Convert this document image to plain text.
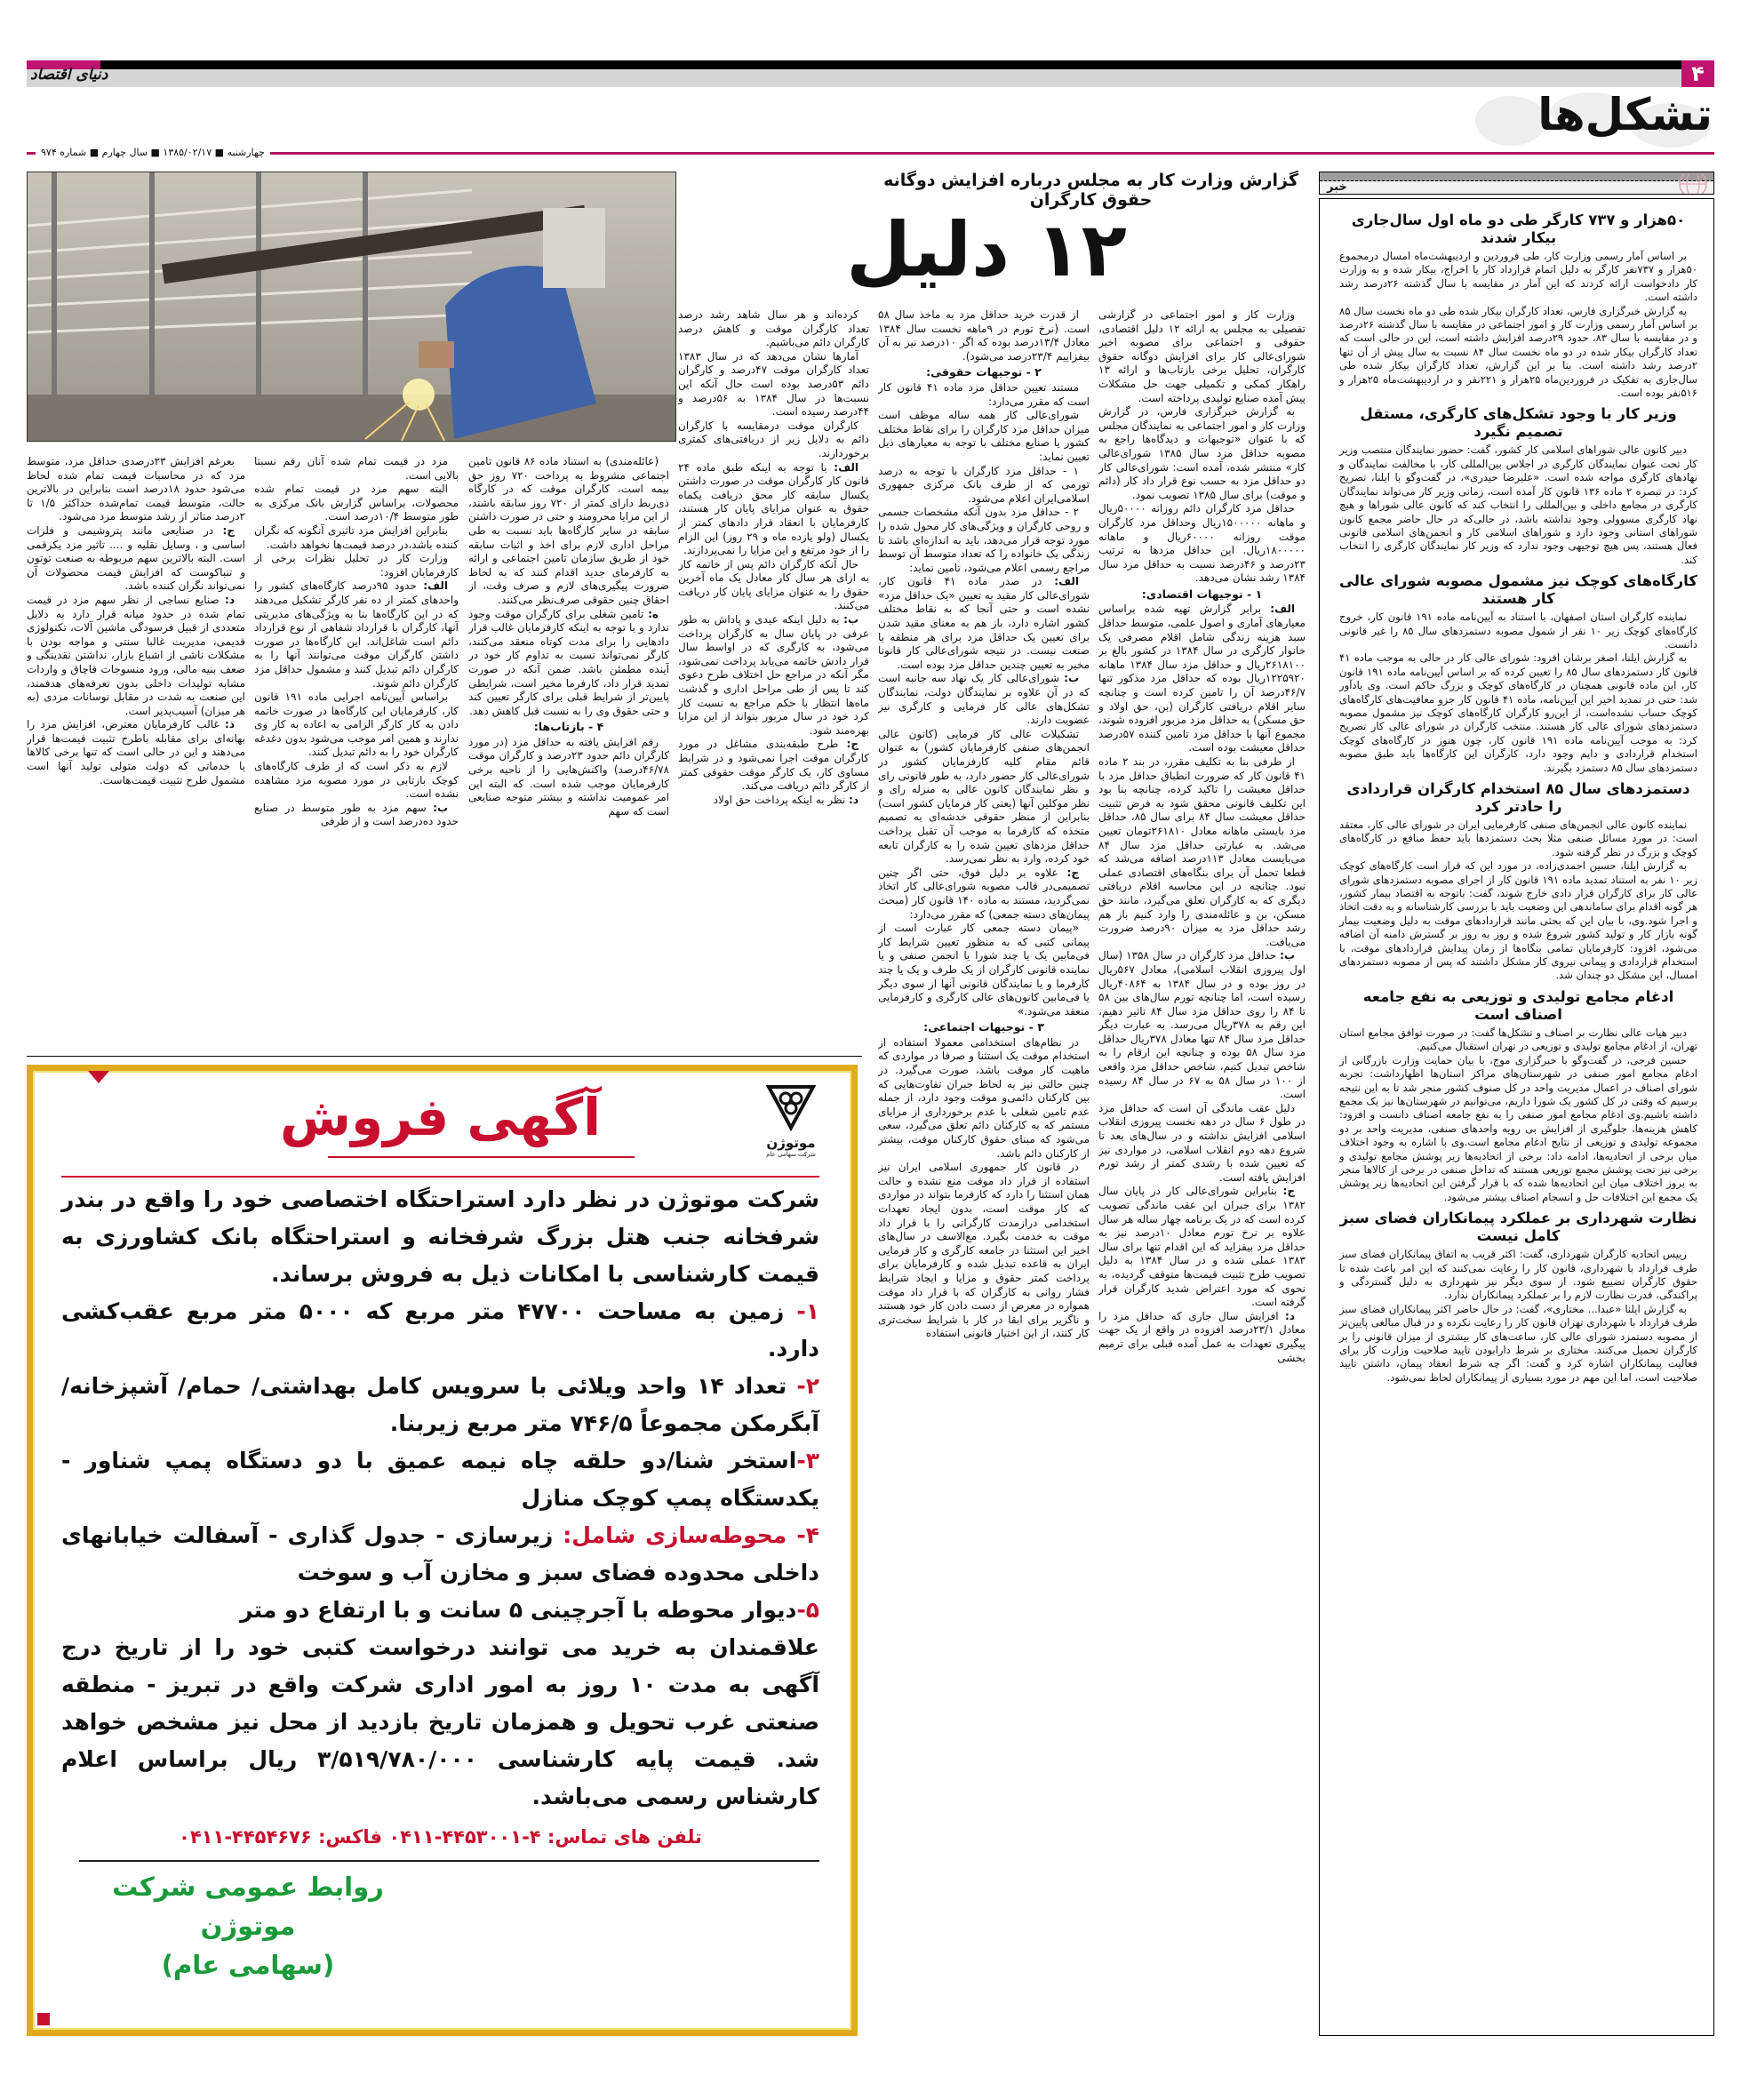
دنیای اقتصاد	۴
تشکل‌ها
چهارشنبه ■ ۱۳۸۵/۰۲/۱۷ ■ سال چهارم ■ شماره ۹۷۴
گزارش وزارت کار به مجلس درباره افزایش دوگانه حقوق کارگران
۱۲ دلیل

وزارت کار و امور اجتماعی در گزارشی تفصیلی به مجلس به ارائه ۱۲ دلیل اقتصادی، حقوقی و اجتماعی برای مصوبه اخیر شورای‌عالی کار برای افزایش دوگانه حقوق کارگران، تحلیل برخی بازتاب‌ها و ارائه ۱۳ راهکار کمکی و تکمیلی جهت حل مشکلات پیش آمده صنایع تولیدی پرداخته است.

به گزارش خبرگزاری فارس، در گزارش وزارت کار و امور اجتماعی به نمایندگان مجلس که با عنوان «توجیهات و دیدگاه‌ها راجع به مصوبه حداقل مزد سال ۱۳۸۵ شورای‌عالی کار» منتشر شده، آمده است: شورای‌عالی کار دو حداقل مزد به حسب نوع قرار داد کار (دائم و موقت) برای سال ۱۳۸۵ تصویب نمود.

حداقل مزد کارگران دائم روزانه ۵۰۰۰۰ریال و ماهانه ۱۵۰۰۰۰۰ریال وحداقل مزد کارگران موقت روزانه ۶۰۰۰۰ریال و ماهانه ۱۸۰۰۰۰۰ریال. این حداقل مزدها به ترتیب ۲۳درصد و ۴۶درصد نسبت به حداقل مزد سال ۱۳۸۴ رشد نشان می‌دهد.

۱ - توجیهات اقتصادی:

الف: برابر گزارش تهیه شده براساس معیارهای آماری و اصول علمی، متوسط حداقل سبد هزینه زندگی شامل اقلام مصرفی یک خانوار کارگری در سال ۱۳۸۴ در کشور بالغ بر ۲۶۱۸۱۰۰ریال و حداقل مزد سال ۱۳۸۴ ماهانه ۱۲۲۵۹۲۰ریال بوده که حداقل مزد مذکور تنها ۴۶/۷درصد آن را تامین کرده است و چنانچه سایر اقلام دریافتی کارگران (بن، حق اولاد و حق مسکن) به حداقل مزد مزبور افزوده شوند، مجموع آنها با حداقل مزد تامین کننده ۵۷درصد حداقل معیشت بوده است.

از طرفی بنا به تکلیف مقرر، در بند ۲ ماده ۴۱ قانون کار که ضرورت انطباق حداقل مزد با حداقل معیشت را تاکید کرده، چنانچه بنا بود این تکلیف قانونی محقق شود به فرض تثبیت حداقل معیشت سال ۸۴ برای سال ۸۵، حداقل مزد بایستی ماهانه معادل ۲۶۱۸۱۰تومان تعیین می‌شد. به عبارتی حداقل مزد سال ۸۴ می‌بایست معادل ۱۱۳درصد اضافه می‌شد که قطعا تحمل آن برای بنگاه‌های اقتصادی عملی نبود. چنانچه در این محاسبه اقلام دریافتی دیگری که به کارگران تعلق می‌گیرد، مانند حق مسکن، بن و عائله‌مندی را وارد کنیم باز هم رشد حداقل مزد به میزان ۹۰درصد ضرورت می‌یافت.

ب: حداقل مزد کارگران در سال ۱۳۵۸ (سال اول پیروزی انقلاب اسلامی)، معادل ۵۶۷ریال در روز بوده و در سال ۱۳۸۴ به ۴۰۸۶۴ریال رسیده است، اما چنانچه تورم سال‌های بین ۵۸ تا ۸۴ را روی حداقل مزد سال ۸۴ تاثیر دهیم، این رقم به ۳۷۸ریال می‌رسد. به عبارت دیگر حداقل مزد سال ۸۴ تنها معادل ۳۷۸ریال حداقل مزد سال ۵۸ بوده و چنانچه این ارقام را به شاخص تبدیل کنیم، شاخص حداقل مزد واقعی از ۱۰۰ در سال ۵۸ به ۶۷ در سال ۸۴ رسیده است.

دلیل عقب ماندگی آن است که حداقل مزد در طول ۶ سال در دهه نخست پیروزی انقلاب اسلامی افزایش نداشته و در سال‌های بعد تا شروع دهه دوم انقلاب اسلامی، در مواردی نیز که تعیین شده با رشدی کمتر از رشد تورم افزایش یافته است.

ج: بنابراین شورای‌عالی کار در پایان سال ۱۳۸۲ برای جبران این عقب ماندگی تصویب کرده است که در یک برنامه چهار ساله هر سال علاوه بر نرخ تورم معادل ۱۰درصد نیز به حداقل مزد بیفزاید که این اقدام تنها برای سال ۱۳۸۳ عملی شده و در سال ۱۳۸۴ به دلیل تصویب طرح تثبیت قیمت‌ها متوقف گردیده، به نحوی که مورد اعتراض شدید کارگران قرار گرفته است.

د: افزایش سال جاری که حداقل مزد را معادل ۲۳/۱درصد افزوده در واقع از یک جهت پیگیری تعهدات به عمل آمده قبلی برای ترمیم بخشی

از قدرت خرید حداقل مزد به ماخذ سال ۵۸ است. (نرخ تورم در ۹ماهه نخست سال ۱۳۸۴ معادل ۱۳/۴درصد بوده که اگر ۱۰درصد نیز به آن بیفزاییم ۲۳/۴درصد می‌شود).

۲ - توجیهات حقوقی:

مستند تعیین حداقل مزد ماده ۴۱ قانون کار است که مقرر می‌دارد:

شورای‌عالی کار همه ساله موظف است میزان حداقل مزد کارگران را برای نقاط مختلف کشور یا صنایع مختلف با توجه به معیارهای ذیل تعیین نماید:

۱ - حداقل مزد کارگران با توجه به درصد تورمی که از طرف بانک مرکزی جمهوری اسلامی‌ایران اعلام می‌شود.

۲ - حداقل مزد بدون آنکه مشخصات جسمی و روحی کارگران و ویژگی‌های کار محول شده را مورد توجه قرار می‌دهد، باید به اندازه‌ای باشد تا زندگی یک خانواده را که تعداد متوسط آن توسط مراجع رسمی اعلام می‌شود، تامین نماید:

الف: در صدر ماده ۴۱ قانون کار، شورای‌عالی کار مقید به تعیین «یک حداقل مزد» نشده است و حتی آنجا که به نقاط مختلف کشور اشاره دارد، باز هم به معنای مقید شدن برای تعیین یک حداقل مزد برای هر منطقه یا صنعت نیست. در نتیجه شورای‌عالی کار قانونا مخیر به تعیین چندین حداقل مزد بوده است.

ب: شورای‌عالی کار یک نهاد سه جانبه است که در آن علاوه بر نمایندگان دولت، نمایندگان تشکل‌های عالی کار فرمایی و کارگری نیز عضویت دارند.

تشکیلات عالی کار فرمایی (کانون عالی انجمن‌های صنفی کارفرمایان کشور) به عنوان قائم مقام کلیه کارفرمایان کشور در شورای‌عالی کار حضور دارد، به طور قانونی رای و نظر نمایندگان کانون عالی به منزله رای و نظر موکلین آنها (یعنی کار فرمایان کشور است) بنابراین از منظر حقوقی خدشه‌ای به تصمیم متخذه که کارفرما به موجب آن تقبل پرداخت حداقل مزدهای تعیین شده را به کارگران تابعه خود کرده، وارد به نظر نمی‌رسد.

ج: علاوه بر دلیل فوق، حتی اگر چنین تصمیمی‌در قالب مصوبه شورای‌عالی کار اتخاذ نمی‌گردید، مستند به ماده ۱۴۰ قانون کار (مبحث پیمان‌های دسته جمعی) که مقرر می‌دارد:

«پیمان دسته جمعی کار عبارت است از پیمانی کتبی که به منظور تعیین شرایط کار فی‌مابین یک یا چند شورا یا انجمن صنفی و یا نماینده قانونی کارگران از یک طرف و یک یا چند کارفرما و یا نمایندگان قانونی آنها از سوی دیگر یا فی‌مابین کانون‌های عالی کارگری و کارفرمایی منعقد می‌شود.»

۳ - توجیهات اجتماعی:

در نظام‌های استخدامی معمولا استفاده از استخدام موقت یک استثنا و صرفا در مواردی که ماهیت کار موقت باشد، صورت می‌گیرد. در چنین حالتی نیز به لحاظ جبران تفاوت‌هایی که بین کارکنان دائمی‌و موقت وجود دارد، از جمله عدم تامین شغلی با عدم برخورداری از مزایای مستمر که به کارکنان دائم تعلق می‌گیرد، سعی می‌شود که مبنای حقوق کارکنان موقت، بیشتر از کارکنان دائم باشد.

در قانون کار جمهوری اسلامی ایران نیز استفاده از قرار داد موقت منع نشده و حالت همان استثنا را دارد که کارفرما بتواند در مواردی که کار موقت است، بدون ایجاد تعهدات استخدامی درازمدت کارگرانی را با قرار داد موقت به خدمت بگیرد. مع‌الاسف در سال‌های اخیر این استثنا در جامعه کارگری و کار فرمایی ایران به قاعده تبدیل شده و کارفرمایان برای پرداخت کمتر حقوق و مزایا و ایجاد شرایط فشار روانی به کارگران که با قرار داد موقت همواره در معرض از دست دادن کار خود هستند و ناگزیر برای ابقا در کار با شرایط سخت‌تری کار کنند، از این اختیار قانونی استفاده

کرده‌اند و هر سال شاهد رشد درصد تعداد کارگران موقت و کاهش درصد کارگران دائم می‌باشیم.

آمارها نشان می‌دهد که در سال ۱۳۸۳ تعداد کارگران موقت ۴۷درصد و کارگران دائم ۵۳درصد بوده است حال آنکه این نسبت‌ها در سال ۱۳۸۴ به ۵۶درصد و ۴۴درصد رسیده است.

کارگران موقت درمقایسه با کارگران دائم به دلایل زیر از دریافتی‌های کمتری برخوردارند.

الف: با توجه به اینکه طبق ماده ۲۴ قانون کار کارگران موقت در صورت داشتن یکسال سابقه کار محق دریافت یکماه حقوق به عنوان مزایای پایان کار هستند، کارفرمایان با انعقاد قرار دادهای کمتر از یکسال (ولو یازده ماه و ۲۹ روز) این الزام را از خود مرتفع و این مزایا را نمی‌پردازند.

حال آنکه کارگران دائم پس از خاتمه کار به ازای هر سال کار معادل یک ماه آخرین حقوق را به عنوان مزایای پایان کار دریافت می‌کنند.

ب: به دلیل اینکه عیدی و پاداش به طور عرفی در پایان سال به کارگران پرداخت می‌شود، به کارگری که در اواسط سال قرار دادش خاتمه می‌یابد پرداخت نمی‌شود، مگر آنکه در مراجع حل اختلاف طرح دعوی کند تا پس از طی مراحل اداری و گذشت ماه‌ها انتظار با حکم مراجع به نسبت کار کرد خود در سال مزبور بتواند از این مزایا بهره‌مند شود.

ج: طرح طبقه‌بندی مشاغل در مورد کارگران موقت اجرا نمی‌شود و در شرایط مساوی کار، یک کارگر موقت حقوقی کمتر از کارگر دائم دریافت می‌کند.

د: نظر به اینکه پرداخت حق اولاد

(عائله‌مندی) به استناد ماده ۸۶ قانون تامین اجتماعی مشروط به پرداخت ۷۲۰ روز حق بیمه است، کارگران موقت که در کارگاه ذی‌ربط دارای کمتر از ۷۲۰ روز سابقه باشند، از این مزایا محرومند و حتی در صورت داشتن سابقه در سایر کارگاه‌ها باید نسبت به طی مراحل اداری لازم برای اخذ و اثبات سابقه خود از طریق سازمان تامین اجتماعی و ارائه به کارفرمای جدید اقدام کنند که به لحاظ ضرورت پیگیری‌های لازم و صرف وقت، از احقاق چنین حقوقی صرف‌نظر می‌کنند.

ه: تامین شغلی برای کارگران موقت وجود ندارد و با توجه به اینکه کارفرمایان غالب قرار دادهایی را برای مدت کوتاه منعقد می‌کنند، کارگر نمی‌تواند نسبت به تداوم کار خود در آینده مطمئن باشد. ضمن آنکه در صورت تمدید قرار داد، کارفرما مخیر است، شرایطی پایین‌تر از شرایط قبلی برای کارگر تعیین کند و حتی حقوق وی را به نسبت قبل کاهش دهد.

۴ - بازتاب‌ها:

رقم افزایش یافته به حداقل مزد (در مورد کارگران دائم حدود ۲۳درصد و کارگران موقت ۴۶/۷۸درصد) واکنش‌هایی را از ناحیه برخی کارفرمایان موجب شده است. که البته این امر عمومیت نداشته و بیشتر متوجه صنایعی است که سهم

مزد در قیمت تمام شده آنان رقم نسبتا بالایی است.

البته سهم مزد در قیمت تمام شده محصولات، براساس گزارش بانک مرکزی به طور متوسط ۱۰/۴درصد است.

بنابراین افزایش مزد تاثیری آنگونه که نگران کننده باشد،در درصد قیمت‌ها نخواهد داشت.

وزارت کار در تحلیل نظرات برخی از کارفرمایان افزود:

الف: حدود ۹۵درصد کارگاه‌های کشور را واحدهای کمتر از ده نفر کارگر تشکیل می‌دهند که در این کارگاه‌ها بنا به ویژگی‌های مدیریتی آنها، کارگران با قرارداد شفاهی از نوع قرارداد دائم است شاغل‌اند. این کارگاه‌ها در صورت داشتن کارگران موقت می‌توانند آنها را به کارگران دائم تبدیل کنند و مشمول حداقل مزد کارگران دائم شوند.

براساس آیین‌نامه اجرایی ماده ۱۹۱ قانون کار، کارفرمایان این کارگاه‌ها در صورت خاتمه دادن به کار کارگر الزامی به اعاده به کار وی ندارند و همین امر موجب می‌شود بدون دغدغه کارگران خود را به دائم تبدیل کنند.

لازم به ذکر است که از طرف کارگاه‌های کوچک بازتابی در مورد مصوبه مزد مشاهده نشده است.

ب: سهم مزد به طور متوسط در صنایع حدود ده‌درصد است و از طرفی

بعرغم افزایش ۲۳درصدی حداقل مزد، متوسط مزد که در محاسبات قیمت تمام شده لحاظ می‌شود حدود ۱۸درصد است بنابراین در بالاترین حالت، متوسط قیمت تمام‌شده حداکثر ۱/۵ تا ۲درصد متاثر از رشد متوسط مزد می‌شود.

ج: در صنایعی مانند پتروشیمی و فلزات اساسی و ، وسایل نقلیه و .... تاثیر مزد یکرقمی است. البته بالاترین سهم مربوطه به صنعت توتون و تنباکوست که افزایش قیمت محصولات آن نمی‌تواند نگران کننده باشد.

د: صنایع نساجی از نظر سهم مزد در قیمت تمام شده در حدود میانه قرار دارد به دلایل متعددی از قبیل فرسودگی ماشین آلات، تکنولوژی قدیمی، مدیریت غالبا سنتی و مواجه بودن با مشکلات ناشی از اشباع بازار، نداشتن نقدینگی و ضعف بنیه مالی، ورود منسوجات قاچاق و واردات مشابه تولیدات داخلی بدون تعرفه‌های هدفمند، این صنعت به شدت در مقابل نوسانات مزدی (به هر میزان) آسیب‌پذیر است.

ذ: غالب کارفرمایان معترض، افزایش مزد را بهانه‌ای برای مقابله باطرح تثبیت قیمت‌ها قرار می‌دهند و این در حالی است که تنها برخی کالاها یا خدماتی که دولت متولی تولید آنها است مشمول طرح تثبیت قیمت‌هاست.

خبر
۵۰هزار و ۷۳۷ کارگر طی دو ماه اول سال‌جاری بیکار شدند

بر اساس آمار رسمی وزارت کار، طی فروردین و اردیبهشت‌ماه امسال درمجموع ۵۰هزار و ۷۳۷نفر کارگر به دلیل اتمام قرارداد کار یا اخراج، بیکار شده و به وزارت کار دادخواست ارائه کردند که این آمار در مقایسه با سال گذشته ۲۶درصد رشد داشته است.

به گزارش خبرگزاری فارس، تعداد کارگران بیکار شده طی دو ماه نخست سال ۸۵ بر اساس آمار رسمی وزارت کار و امور اجتماعی در مقایسه با سال گذشته ۲۶درصد و در مقایسه با سال ۸۳، حدود ۲۹درصد افزایش داشته است، این در حالی است که تعداد کارگران بیکار شده در دو ماه نخست سال ۸۴ نسبت به سال پیش از آن تنها ۲درصد رشد داشته است. بنا بر این گزارش، تعداد کارگران بیکار شده طی سال‌جاری به تفکیک در فروردین‌ماه ۲۵هزار و ۲۲۱نفر و در اردیبهشت‌ماه ۲۵هزار و ۵۱۶نفر بوده است.

وزیر کار با وجود تشکل‌های کارگری، مستقل تصمیم نگیرد

دبیر کانون عالی شوراهای اسلامی کار کشور، گفت: حضور نمایندگان منتصب وزیر کار تحت عنوان نمایندگان کارگری در اجلاس بین‌المللی کار، با مخالفت نمایندگان و نهادهای کارگری مواجه شده است. «علیرضا حیدری»، در گفت‌وگو با ایلنا، تصریح کرد: در تبصره ۲ ماده ۱۳۶ قانون کار آمده است، زمانی وزیر کار می‌تواند نمایندگان کارگری در مجامع داخلی و بین‌المللی را انتخاب کند که کانون عالی شوراها و هیچ نهاد کارگری مسوولی وجود نداشته باشد، در حالی‌که در حال حاضر مجمع کانون شوراهای استانی وجود دارد و شوراهای اسلامی کار و انجمن‌های اسلامی قانونی فعال هستند، پس هیچ توجیهی وجود ندارد که وزیر کار نمایندگان کارگری را انتخاب کند.

کارگاه‌های کوچک نیز مشمول مصوبه شورای عالی کار هستند

نماینده کارگران استان اصفهان، با استناد به آیین‌نامه ماده ۱۹۱ قانون کار، خروج کارگاه‌های کوچک زیر ۱۰ نفر از شمول مصوبه دستمزدهای سال ۸۵ را غیر قانونی دانست.

به گزارش ایلنا، اصغر برشان افزود: شورای عالی کار در حالی به موجب ماده ۴۱ قانون کار دستمزدهای سال ۸۵ را تعیین کرده که بر اساس آیین‌نامه ماده ۱۹۱ قانون کار، این ماده قانونی همچنان در کارگاه‌های کوچک و بزرگ حاکم است. وی یادآور شد: حتی در تمدید اخیر این آیین‌نامه، ماده ۴۱ قانون کار جزو معافیت‌های کارگاه‌های کوچک حساب نشده‌است، از این‌رو کارگران کارگاه‌های کوچک نیز مشمول مصوبه دستمزدهای شورای عالی کار هستند. منتخب کارگران در شورای عالی کار تصریح کرد: به موجب آیین‌نامه ماده ۱۹۱ قانون کار، چون هنوز در کارگاه‌های کوچک استخدام قراردادی و دایم وجود دارد، کارگران این کارگاه‌ها باید طبق مصوبه دستمزدهای سال ۸۵ دستمزد بگیرند.

دستمزدهای سال ۸۵ استخدام کارگران قراردادی را حادتر کرد

نماینده کانون عالی انجمن‌های صنفی کارفرمایی ایران در شورای عالی کار، معتقد است: در مورد مسائل صنفی مثلا بحث دستمزدها باید حفظ منافع در کارگاه‌های کوچک و بزرگ در نظر گرفته شود.

به گزارش ایلنا، حسین احمدی‌زاده، در مورد این که قرار است کارگاه‌های کوچک زیر ۱۰ نفر به استناد تمدید ماده ۱۹۱ قانون کار از اجرای مصوبه دستمزدهای شورای عالی کار برای کارگران قرار دادی خارج شوند، گفت: باتوجه به اقتصاد بیمار کشور، هر گونه اقدام برای ساماندهی این وضعیت باید با بررسی کارشناسانه و به دقت اتخاذ و اجرا شود.وی، با بیان این که بحثی مانند قراردادهای موقت به دلیل وضعیت بیمار گونه بازار کار و تولید کشور شروع شده و روز به روز بر گسترش دامنه آن اضافه می‌شود، افزود: کارفرمایان تمامی بنگاه‌ها از زمان پیدایش قراردادهای موقت، با استخدام قراردادی و پیمانی نیروی کار مشکل داشتند که پس از مصوبه دستمزدهای امسال، این مشکل دو چندان شد.

ادغام مجامع تولیدی و توزیعی به نفع جامعه اصناف است

دبیر هیات عالی نظارت بر اصناف و تشکل‌ها گفت: در صورت توافق مجامع استان تهران، از ادغام مجامع تولیدی و توزیعی در تهران استقبال می‌کنیم.

حسین فرجی، در گفت‌وگو با خبرگزاری موج، با بیان حمایت وزارت بازرگانی از ادغام مجامع امور صنفی در شهرستان‌های مراکز استان‌ها اظهارداشت: تجربه شورای اصناف در اعمال مدیریت واحد در کل صنوف کشور منجر شد تا به این نتیجه برسیم که وقتی در کل کشور یک شورا داریم، می‌توانیم در شهرستان‌ها نیز یک مجمع داشته باشیم.وی ادغام مجامع امور صنفی را به نفع جامعه اصناف دانست و افزود: کاهش هزینه‌ها، جلوگیری از افزایش بی رویه واحدهای صنفی، مدیریت واحد بر دو مجموعه تولیدی و توزیعی از نتایج ادغام مجامع است.وی با اشاره به وجود اختلاف میان برخی از اتحادیه‌ها، ادامه داد: برخی از اتحادیه‌ها زیر پوشش مجامع تولیدی و برخی نیز تحت پوشش مجمع توزیعی هستند که تداخل صنفی در برخی از کالاها منجر به بروز اختلاف میان این اتحادیه‌ها شده که با قرار گرفتن این اتحادیه‌ها زیر پوشش یک مجمع این اختلافات حل و انسجام اصناف بیشتر می‌شود.

نظارت شهرداری بر عملکرد پیمانکاران فضای سبز کامل نیست

رییس اتحادیه کارگران شهرداری، گفت: اکثر قریب به اتفاق پیمانکاران فضای سبز طرف قرارداد با شهرداری، قانون کار را رعایت نمی‌کنند که این امر باعث شده تا حقوق کارگران تضییع شود. از سوی دیگر نیز شهرداری به دلیل گستردگی و پراکندگی، قدرت نظارت لازم را بر عملکرد پیمانکاران ندارد.

به گزارش ایلنا «عبدا... مختاری»، گفت: در حال حاضر اکثر پیمانکاران فضای سبز طرف قرارداد با شهرداری تهران قانون کار را رعایت نکرده و در قبال مبالغی پایین‌تر از مصوبه دستمزد شورای عالی کار، ساعت‌های کار بیشتری از میزان قانونی را بر کارگران تحمیل می‌کنند. مختاری بر شرط دارابودن تایید صلاحیت وزارت کار برای فعالیت پیمانکاران اشاره کرد و گفت: اگر چه شرط انعقاد پیمان، داشتن تایید صلاحیت است، اما این مهم در مورد بسیاری از پیمانکاران لحاظ نمی‌شود.

موتوژن
شرکت سهامی عام
آگهی فروش

شرکت موتوژن در نظر دارد استراحتگاه اختصاصی خود را واقع در بندر شرفخانه جنب هتل بزرگ شرفخانه و استراحتگاه بانک کشاورزی به قیمت کارشناسی با امکانات ذیل به فروش برساند.

۱- زمین به مساحت ۴۷۷۰۰ متر مربع که ۵۰۰۰ متر مربع عقب‌کشی دارد.

۲- تعداد ۱۴ واحد ویلائی با سرویس کامل بهداشتی/ حمام/ آشپزخانه/ آبگرمکن مجموعاً ۷۴۶/۵ متر مربع زیربنا.

۳-استخر شنا/دو حلقه چاه نیمه عمیق با دو دستگاه پمپ شناور - یکدستگاه پمپ کوچک منازل

۴- محوطه‌سازی شامل: زیرسازی - جدول گذاری - آسفالت خیابانهای داخلی محدوده فضای سبز و مخازن آب و سوخت

۵-دیوار محوطه با آجرچینی ۵ سانت و با ارتفاع دو متر

علاقمندان به خرید می توانند درخواست کتبی خود را از تاریخ درج آگهی به مدت ۱۰ روز به امور اداری شرکت واقع در تبریز - منطقه صنعتی غرب تحویل و همزمان تاریخ بازدید از محل نیز مشخص خواهد شد. قیمت پایه کارشناسی ۳/۵۱۹/۷۸۰/۰۰۰ ریال براساس اعلام کارشناس رسمی می‌باشد.

تلفن های تماس: ۴-۴۴۵۳۰۰۱-۰۴۱۱ فاکس: ۴۴۵۴۶۷۶-۰۴۱۱
روابط عمومی شرکت موتوژن
(سهامی عام)
